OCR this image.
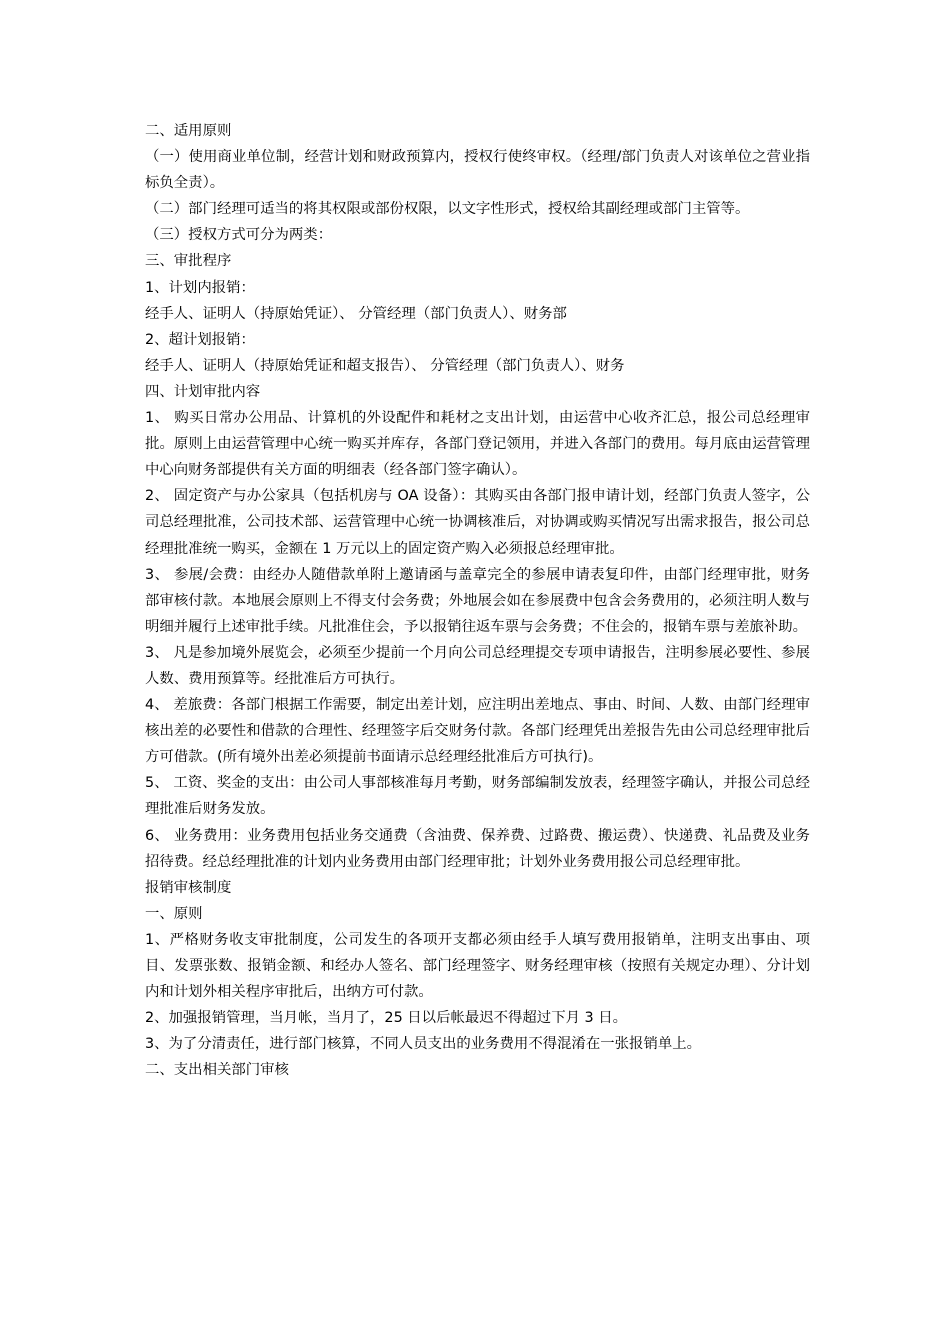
二、适用原则

（一）使用商业单位制，经营计划和财政预算内，授权行使终审权。（经理/部门负责人对该单位之营业指标负全责）。

（二）部门经理可适当的将其权限或部份权限，以文字性形式，授权给其副经理或部门主管等。

（三）授权方式可分为两类：

三、审批程序

1、计划内报销：

经手人、证明人（持原始凭证）、 分管经理（部门负责人）、财务部

2、超计划报销：

经手人、证明人（持原始凭证和超支报告）、 分管经理（部门负责人）、财务

四、计划审批内容

1、 购买日常办公用品、计算机的外设配件和耗材之支出计划，由运营中心收齐汇总，报公司总经理审批。原则上由运营管理中心统一购买并库存，各部门登记领用，并进入各部门的费用。每月底由运营管理中心向财务部提供有关方面的明细表（经各部门签字确认）。

2、 固定资产与办公家具（包括机房与 OA 设备）：其购买由各部门报申请计划，经部门负责人签字，公司总经理批准，公司技术部、运营管理中心统一协调核准后，对协调或购买情况写出需求报告，报公司总经理批准统一购买，金额在 1 万元以上的固定资产购入必须报总经理审批。

3、 参展/会费：由经办人随借款单附上邀请函与盖章完全的参展申请表复印件，由部门经理审批，财务部审核付款。本地展会原则上不得支付会务费；外地展会如在参展费中包含会务费用的，必须注明人数与明细并履行上述审批手续。凡批准住会，予以报销往返车票与会务费；不住会的，报销车票与差旅补助。

3、 凡是参加境外展览会，必须至少提前一个月向公司总经理提交专项申请报告，注明参展必要性、参展人数、费用预算等。经批准后方可执行。

4、 差旅费：各部门根据工作需要，制定出差计划，应注明出差地点、事由、时间、人数、由部门经理审核出差的必要性和借款的合理性、经理签字后交财务付款。各部门经理凭出差报告先由公司总经理审批后方可借款。(所有境外出差必须提前书面请示总经理经批准后方可执行)。

5、 工资、奖金的支出：由公司人事部核准每月考勤，财务部编制发放表，经理签字确认，并报公司总经理批准后财务发放。

6、 业务费用：业务费用包括业务交通费（含油费、保养费、过路费、搬运费）、快递费、礼品费及业务招待费。经总经理批准的计划内业务费用由部门经理审批；计划外业务费用报公司总经理审批。

报销审核制度

一、原则

1、严格财务收支审批制度，公司发生的各项开支都必须由经手人填写费用报销单，注明支出事由、项目、发票张数、报销金额、和经办人签名、部门经理签字、财务经理审核（按照有关规定办理）、分计划内和计划外相关程序审批后，出纳方可付款。

2、加强报销管理，当月帐，当月了，25 日以后帐最迟不得超过下月 3 日。

3、为了分清责任，进行部门核算，不同人员支出的业务费用不得混淆在一张报销单上。

二、支出相关部门审核
